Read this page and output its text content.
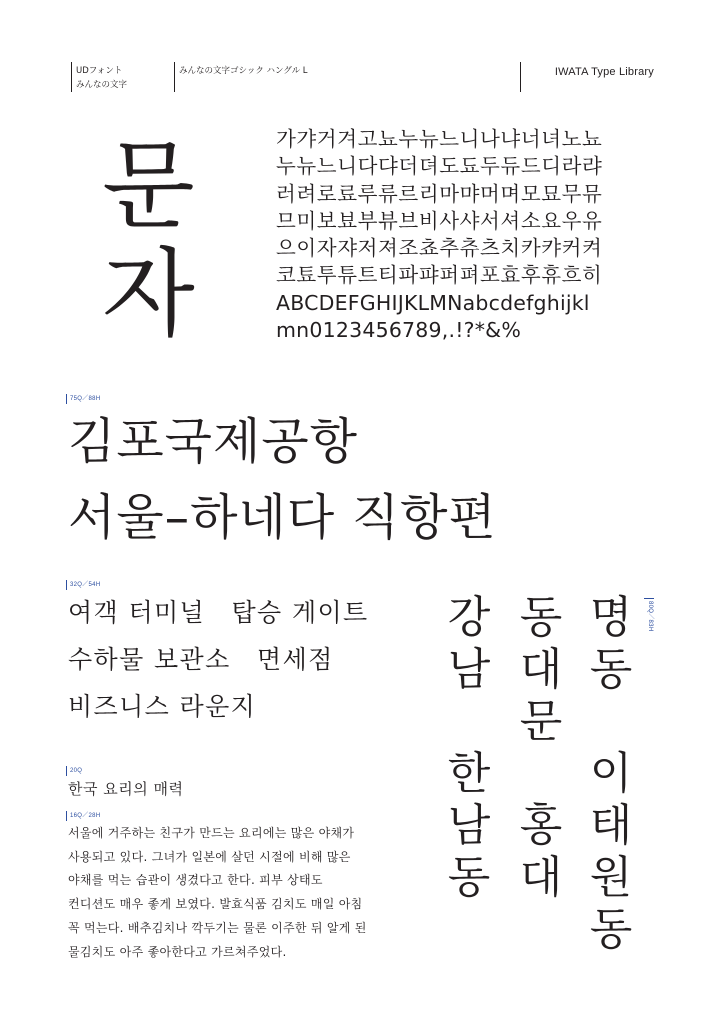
UDフォント
みんなの文字
みんなの文字ゴシック ハングル L	IWATA Type Library
문
자
가갸거겨고뇨누뉴느니나냐너녀노뇨
누뉴느니다댜더뎌도됴두듀드디라랴
러려로료루류르리마먀머며모묘무뮤
므미보뵤부뷰브비사샤서셔소요우유
으이자쟈저져조쵸추츄츠치카캬커켜
코툐투튜트티파퍄퍼펴포효후휴흐히
ABCDEFGHIJKLMNabcdefghijkl
mn0123456789,.!?*&%
75Q／88H
김포국제공항
서울–하네다 직항편
32Q／54H
여객 터미널　탑승 게이트
수하물 보관소　면세점
비즈니스 라운지
20Q
한국 요리의 매력
16Q／28H
서울에 거주하는 친구가 만드는 요리에는 많은 야채가
사용되고 있다. 그녀가 일본에 살던 시절에 비해 많은
야채를 먹는 습관이 생겼다고 한다. 피부 상태도
컨디션도 매우 좋게 보였다. 발효식품 김치도 매일 아침
꼭 먹는다. 배추김치나 깍두기는 물론 이주한 뒤 알게 된
물김치도 아주 좋아한다고 가르쳐주었다.
강
남
한
남
동
동
대
문
홍
대
명
동
이
태
원
동
80Q／83H
